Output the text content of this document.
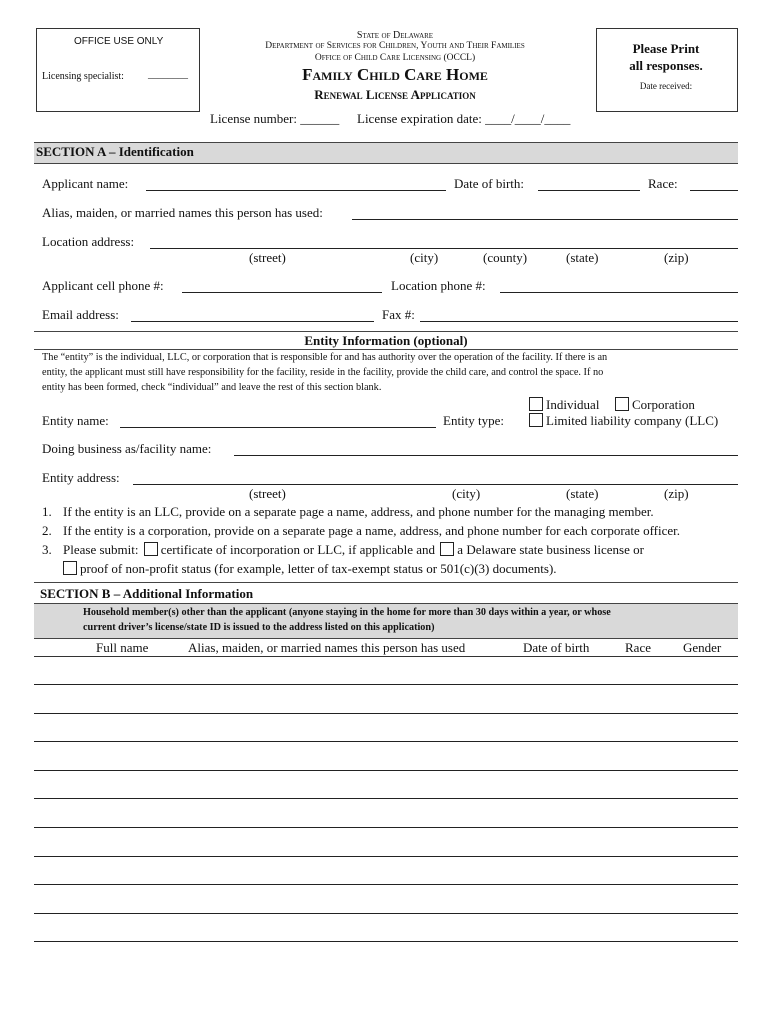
OFFICE USE ONLY
Licensing specialist: ________
State of Delaware
Department of Services for Children, Youth and Their Families
Office of Child Care Licensing (OCCL)
Family Child Care Home
Renewal License Application
License number: ______ License expiration date: ____/____/____
Please Print
all responses.
Date received:
SECTION A – Identification
Applicant name:	Date of birth:	Race:
Alias, maiden, or married names this person has used:
Location address:
(street)	(city)	(county)	(state)	(zip)
Applicant cell phone #:	Location phone #:
Email address:	Fax #:
Entity Information (optional)
The “entity” is the individual, LLC, or corporation that is responsible for and has authority over the operation of the facility. If there is an
entity, the applicant must still have responsibility for the facility, reside in the facility, provide the child care, and control the space. If no
entity has been formed, check “individual” and leave the rest of this section blank.
Individual	Corporation
Limited liability company (LLC)
Entity name:	Entity type:
Doing business as/facility name:
Entity address:
(street)	(city)	(state)	(zip)
1. If the entity is an LLC, provide on a separate page a name, address, and phone number for the managing member.
2. If the entity is a corporation, provide on a separate page a name, address, and phone number for each corporate officer.
3. Please submit: certificate of incorporation or LLC, if applicable and a Delaware state business license or
proof of non-profit status (for example, letter of tax-exempt status or 501(c)(3) documents).
SECTION B – Additional Information
Household member(s) other than the applicant (anyone staying in the home for more than 30 days within a year, or whose
current driver’s license/state ID is issued to the address listed on this application)
Full name	Alias, maiden, or married names this person has used	Date of birth	Race Gender
